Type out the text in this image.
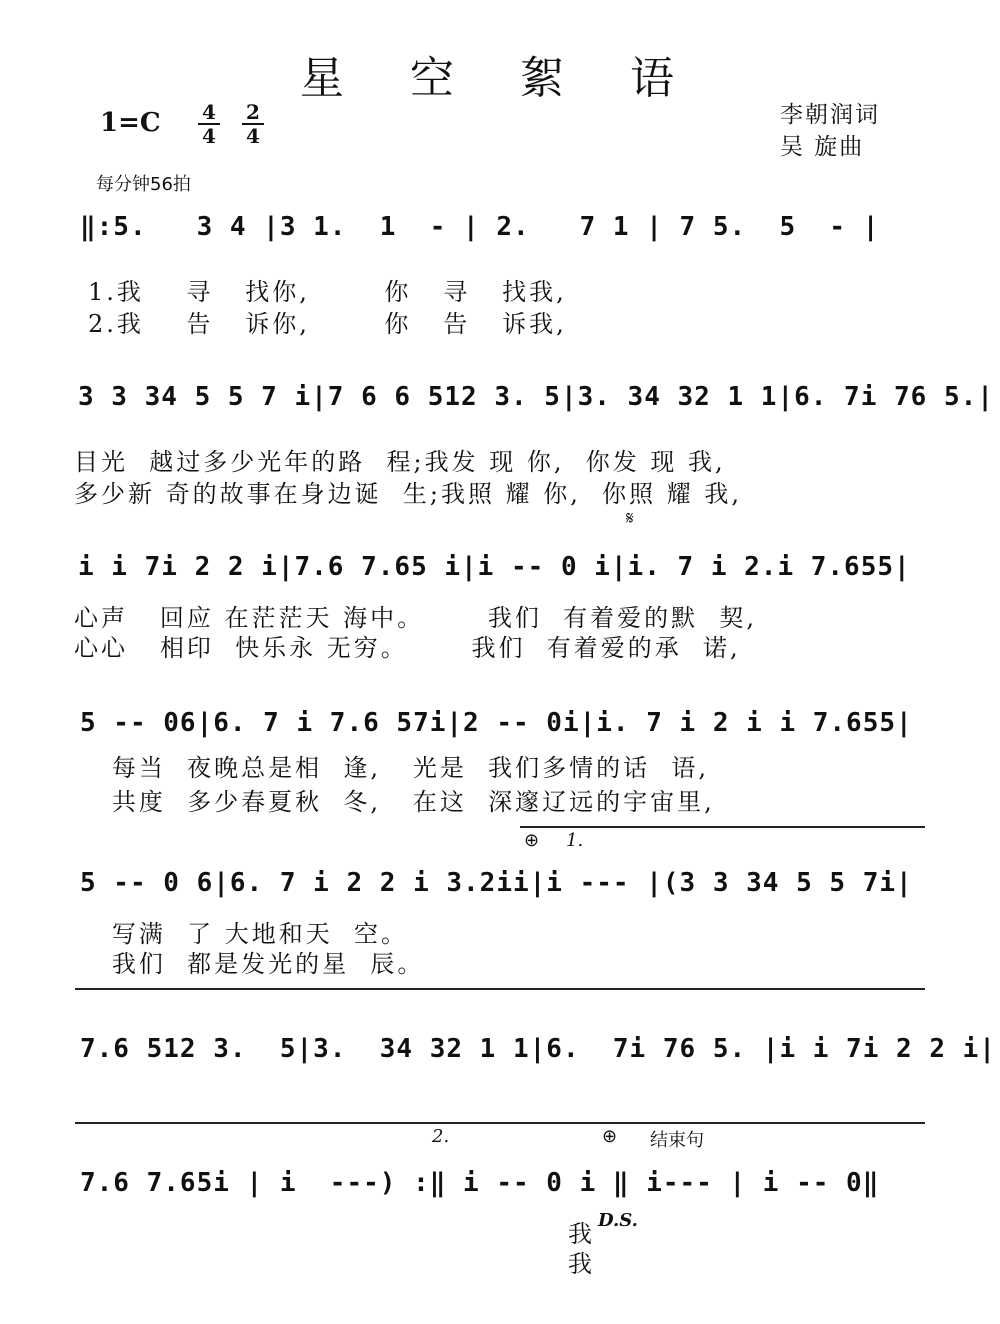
星 空 絮 语
1=C	4
4
2
4
李朝润词
吴 旋曲
每分钟56拍
‖:5.   3 4 |3 1.  1  - | 2.   7 1 | 7 5.  5  - |
1.我    寻   找你,       你   寻   找我,
2.我    告   诉你,       你   告   诉我,
3 3 34 5 5 7 i|7 6 6 512 3. 5|3. 34 32 1 1|6. 7i 76 5.|
目光  越过多少光年的路  程;我发 现 你,  你发 现 我,
多少新 奇的故事在身边诞  生;我照 耀 你,  你照 耀 我,
𝄋
i i 7i 2 2 i|7.6 7.65 i|i -- 0 i|i. 7 i 2.i 7.655|
心声   回应 在茫茫天 海中。      我们  有着爱的默  契,
心心   相印  快乐永 无穷。      我们  有着爱的承  诺,
5 -- 06|6. 7 i 7.6 57i|2 -- 0i|i. 7 i 2 i i 7.655|
每当  夜晚总是相  逢,   光是  我们多情的话  语,
共度  多少春夏秋  冬,   在这  深邃辽远的宇宙里,
⊕ 1.
5 -- 0 6|6. 7 i 2 2 i 3.2ii|i --- |(3 3 34 5 5 7i|
写满  了 大地和天  空。
我们  都是发光的星  辰。
7.6 512 3.  5|3.  34 32 1 1|6.  7i 76 5. |i i 7i 2 2 i|
2.	⊕ 结束句
7.6 7.65i | i  ---) :‖ i -- 0 i ‖ i--- | i -- 0‖
我 D.S.
我
